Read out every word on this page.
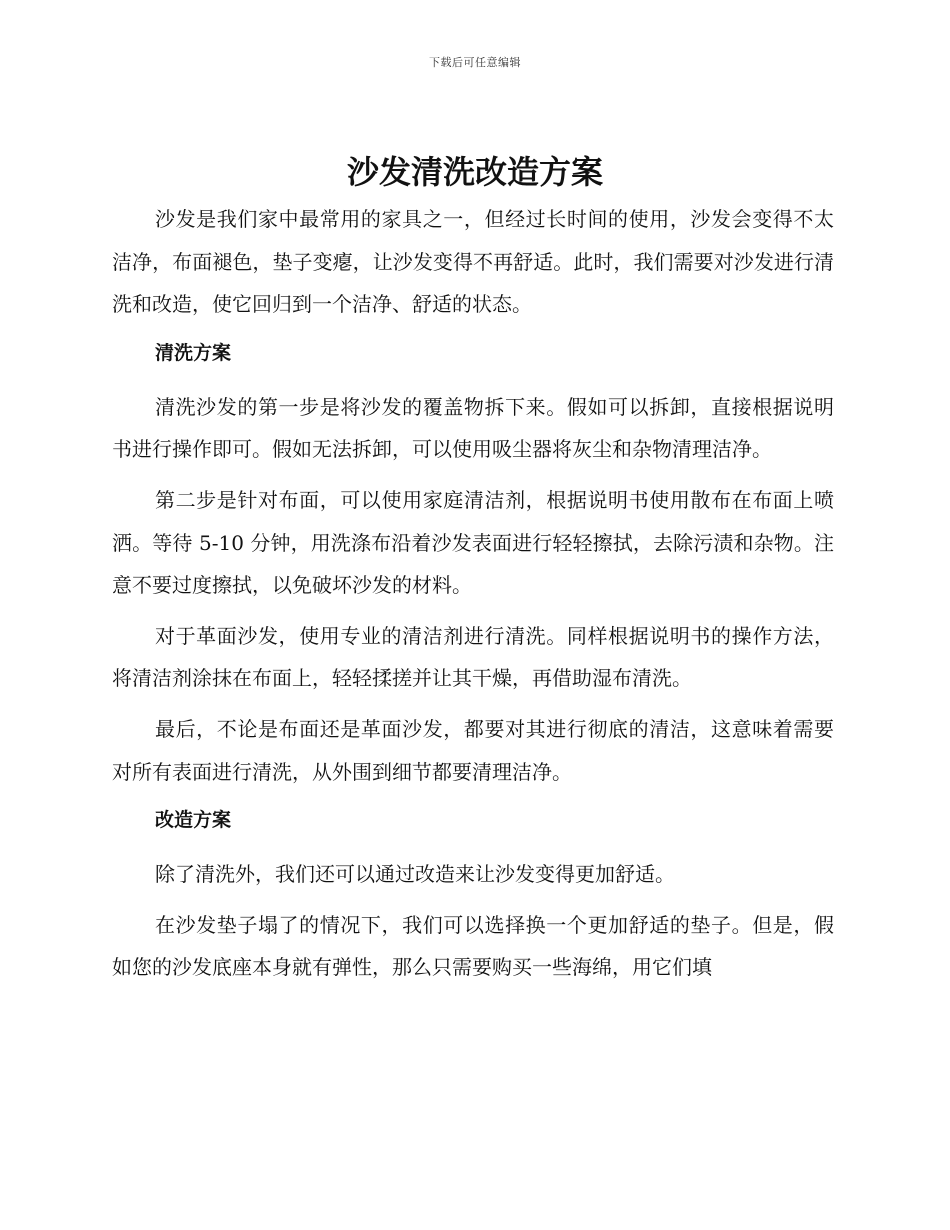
下载后可任意编辑
沙发清洗改造方案

沙发是我们家中最常用的家具之一，但经过长时间的使用，沙发会变得不太洁净，布面褪色，垫子变瘪，让沙发变得不再舒适。此时，我们需要对沙发进行清洗和改造，使它回归到一个洁净、舒适的状态。

清洗方案

清洗沙发的第一步是将沙发的覆盖物拆下来。假如可以拆卸，直接根据说明书进行操作即可。假如无法拆卸，可以使用吸尘器将灰尘和杂物清理洁净。

第二步是针对布面，可以使用家庭清洁剂，根据说明书使用散布在布面上喷洒。等待 5-10 分钟，用洗涤布沿着沙发表面进行轻轻擦拭，去除污渍和杂物。注意不要过度擦拭，以免破坏沙发的材料。

对于革面沙发，使用专业的清洁剂进行清洗。同样根据说明书的操作方法，将清洁剂涂抹在布面上，轻轻揉搓并让其干燥，再借助湿布清洗。

最后，不论是布面还是革面沙发，都要对其进行彻底的清洁，这意味着需要对所有表面进行清洗，从外围到细节都要清理洁净。

改造方案

除了清洗外，我们还可以通过改造来让沙发变得更加舒适。

在沙发垫子塌了的情况下，我们可以选择换一个更加舒适的垫子。但是，假如您的沙发底座本身就有弹性，那么只需要购买一些海绵，用它们填
